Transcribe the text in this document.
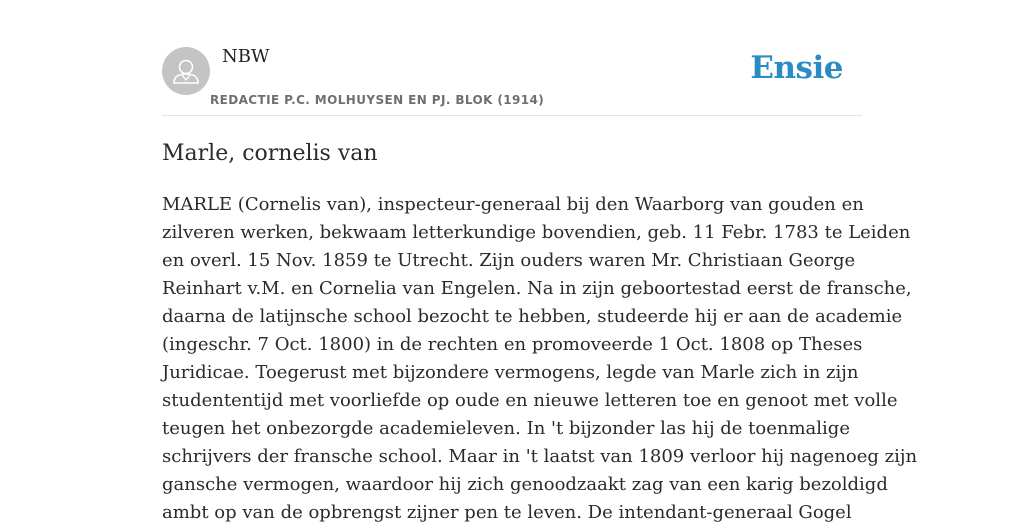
NBW
REDACTIE P.C. MOLHUYSEN EN PJ. BLOK (1914)
Ensie
Marle, cornelis van

MARLE (Cornelis van), inspecteur-generaal bij den Waarborg van gouden en
zilveren werken, bekwaam letterkundige bovendien, geb. 11 Febr. 1783 te Leiden
en overl. 15 Nov. 1859 te Utrecht. Zijn ouders waren Mr. Christiaan George
Reinhart v.M. en Cornelia van Engelen. Na in zijn geboortestad eerst de fransche,
daarna de latijnsche school bezocht te hebben, studeerde hij er aan de academie
(ingeschr. 7 Oct. 1800) in de rechten en promoveerde 1 Oct. 1808 op Theses
Juridicae. Toegerust met bijzondere vermogens, legde van Marle zich in zijn
studententijd met voorliefde op oude en nieuwe letteren toe en genoot met volle
teugen het onbezorgde academieleven. In 't bijzonder las hij de toenmalige
schrijvers der fransche school. Maar in 't laatst van 1809 verloor hij nagenoeg zijn
gansche vermogen, waardoor hij zich genoodzaakt zag van een karig bezoldigd
ambt op van de opbrengst zijner pen te leven. De intendant-generaal Gogel
